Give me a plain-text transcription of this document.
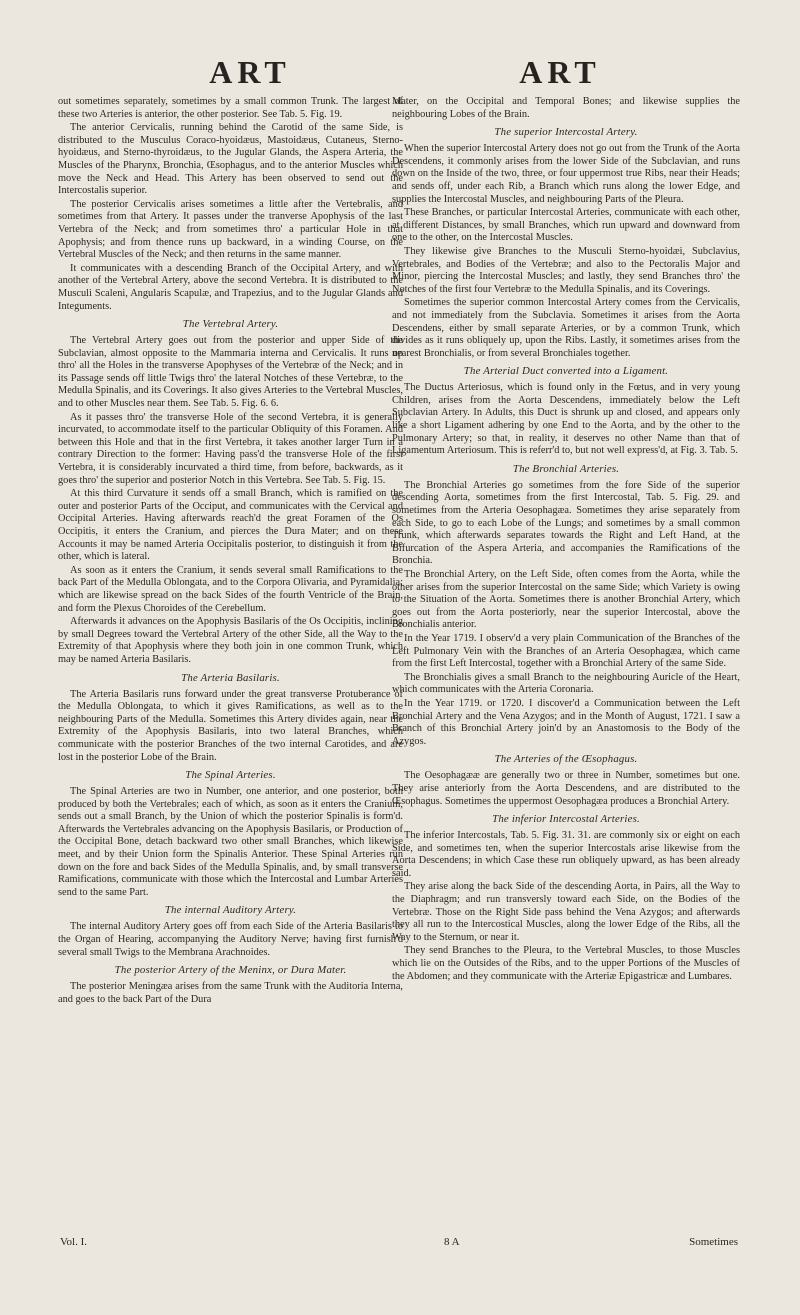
ART	ART

out sometimes separately, sometimes by a small common Trunk. The largest of these two Arteries is anterior, the other posterior. See Tab. 5. Fig. 19.

The anterior Cervicalis, running behind the Carotid of the same Side, is distributed to the Musculus Coraco-hyoidæus, Mastoidæus, Cutaneus, Sterno-hyoidæus, and Sterno-thyroidæus, to the Jugular Glands, the Aspera Arteria, the Muscles of the Pharynx, Bronchia, Œsophagus, and to the anterior Muscles which move the Neck and Head. This Artery has been observed to send out the Intercostalis superior.

The posterior Cervicalis arises sometimes a little after the Vertebralis, and sometimes from that Artery. It passes under the tranverse Apophysis of the last Vertebra of the Neck; and from sometimes thro' a particular Hole in that Apophysis; and from thence runs up backward, in a winding Course, on the Vertebral Muscles of the Neck; and then returns in the same manner.

It communicates with a descending Branch of the Occipital Artery, and with another of the Vertebral Artery, above the second Vertebra. It is distributed to the Musculi Scaleni, Angularis Scapulæ, and Trapezius, and to the Jugular Glands and Integuments.

The Vertebral Artery.

The Vertebral Artery goes out from the posterior and upper Side of the Subclavian, almost opposite to the Mammaria interna and Cervicalis. It runs up thro' all the Holes in the transverse Apophyses of the Vertebræ of the Neck; and in its Passage sends off little Twigs thro' the lateral Notches of these Vertebræ, to the Medulla Spinalis, and its Coverings. It also gives Arteries to the Vertebral Muscles, and to other Muscles near them. See Tab. 5. Fig. 6. 6.

As it passes thro' the transverse Hole of the second Vertebra, it is generally incurvated, to accommodate itself to the particular Obliquity of this Foramen. And between this Hole and that in the first Vertebra, it takes another larger Turn in a contrary Direction to the former: Having pass'd the transverse Hole of the first Vertebra, it is considerably incurvated a third time, from before, backwards, as it goes thro' the superior and posterior Notch in this Vertebra. See Tab. 5. Fig. 15.

At this third Curvature it sends off a small Branch, which is ramified on the outer and posterior Parts of the Occiput, and communicates with the Cervical and Occipital Arteries. Having afterwards reach'd the great Foramen of the Os Occipitis, it enters the Cranium, and pierces the Dura Mater; and on these Accounts it may be named Arteria Occipitalis posterior, to distinguish it from the other, which is lateral.

As soon as it enters the Cranium, it sends several small Ramifications to the back Part of the Medulla Oblongata, and to the Corpora Olivaria, and Pyramidalia; which are likewise spread on the back Sides of the fourth Ventricle of the Brain, and form the Plexus Choroides of the Cerebellum.

Afterwards it advances on the Apophysis Basilaris of the Os Occipitis, inclining by small Degrees toward the Vertebral Artery of the other Side, all the Way to the Extremity of that Apophysis where they both join in one common Trunk, which may be named Arteria Basilaris.

The Arteria Basilaris.

The Arteria Basilaris runs forward under the great transverse Protuberance of the Medulla Oblongata, to which it gives Ramifications, as well as to the neighbouring Parts of the Medulla. Sometimes this Artery divides again, near the Extremity of the Apophysis Basilaris, into two lateral Branches, which communicate with the posterior Branches of the two internal Carotides, and are lost in the posterior Lobe of the Brain.

The Spinal Arteries.

The Spinal Arteries are two in Number, one anterior, and one posterior, both produced by both the Vertebrales; each of which, as soon as it enters the Cranium, sends out a small Branch, by the Union of which the posterior Spinalis is form'd. Afterwards the Vertebrales advancing on the Apophysis Basilaris, or Production of the Occipital Bone, detach backward two other small Branches, which likewise meet, and by their Union form the Spinalis Anterior. These Spinal Arteries run down on the fore and back Sides of the Medulla Spinalis, and, by small transverse Ramifications, communicate with those which the Intercostal and Lumbar Arteries send to the same Part.

The internal Auditory Artery.

The internal Auditory Artery goes off from each Side of the Arteria Basilaris to the Organ of Hearing, accompanying the Auditory Nerve; having first furnish'd several small Twigs to the Membrana Arachnoides.

The posterior Artery of the Meninx, or Dura Mater.

The posterior Meningæa arises from the same Trunk with the Auditoria Interna, and goes to the back Part of the Dura

Mater, on the Occipital and Temporal Bones; and likewise supplies the neighbouring Lobes of the Brain.

The superior Intercostal Artery.

When the superior Intercostal Artery does not go out from the Trunk of the Aorta Descendens, it commonly arises from the lower Side of the Subclavian, and runs down on the Inside of the two, three, or four uppermost true Ribs, near their Heads; and sends off, under each Rib, a Branch which runs along the lower Edge, and supplies the Intercostal Muscles, and neighbouring Parts of the Pleura.

These Branches, or particular Intercostal Arteries, communicate with each other, at different Distances, by small Branches, which run upward and downward from one to the other, on the Intercostal Muscles.

They likewise give Branches to the Musculi Sterno-hyoidæi, Subclavius, Vertebrales, and Bodies of the Vertebræ; and also to the Pectoralis Major and Minor, piercing the Intercostal Muscles; and lastly, they send Branches thro' the Notches of the first four Vertebræ to the Medulla Spinalis, and its Coverings.

Sometimes the superior common Intercostal Artery comes from the Cervicalis, and not immediately from the Subclavia. Sometimes it arises from the Aorta Descendens, either by small separate Arteries, or by a common Trunk, which divides as it runs obliquely up, upon the Ribs. Lastly, it sometimes arises from the nearest Bronchialis, or from several Bronchiales together.

The Arterial Duct converted into a Ligament.

The Ductus Arteriosus, which is found only in the Fœtus, and in very young Children, arises from the Aorta Descendens, immediately below the Left Subclavian Artery. In Adults, this Duct is shrunk up and closed, and appears only like a short Ligament adhering by one End to the Aorta, and by the other to the Pulmonary Artery; so that, in reality, it deserves no other Name than that of Ligamentum Arteriosum. This is referr'd to, but not well express'd, at Fig. 3. Tab. 5.

The Bronchial Arteries.

The Bronchial Arteries go sometimes from the fore Side of the superior descending Aorta, sometimes from the first Intercostal, Tab. 5. Fig. 29. and sometimes from the Arteria Oesophagæa. Sometimes they arise separately from each Side, to go to each Lobe of the Lungs; and sometimes by a small common Trunk, which afterwards separates towards the Right and Left Hand, at the Bifurcation of the Aspera Arteria, and accompanies the Ramifications of the Bronchia.

The Bronchial Artery, on the Left Side, often comes from the Aorta, while the other arises from the superior Intercostal on the same Side; which Variety is owing to the Situation of the Aorta. Sometimes there is another Bronchial Artery, which goes out from the Aorta posteriorly, near the superior Intercostal, above the Bronchialis anterior.

In the Year 1719. I observ'd a very plain Communication of the Branches of the Left Pulmonary Vein with the Branches of an Arteria Oesophagæa, which came from the first Left Intercostal, together with a Bronchial Artery of the same Side.

The Bronchialis gives a small Branch to the neighbouring Auricle of the Heart, which communicates with the Arteria Coronaria.

In the Year 1719. or 1720. I discover'd a Communication between the Left Bronchial Artery and the Vena Azygos; and in the Month of August, 1721. I saw a Branch of this Bronchial Artery join'd by an Anastomosis to the Body of the Azygos.

The Arteries of the Œsophagus.

The Oesophagææ are generally two or three in Number, sometimes but one. They arise anteriorly from the Aorta Descendens, and are distributed to the Œsophagus. Sometimes the uppermost Oesophagæa produces a Bronchial Artery.

The inferior Intercostal Arteries.

The inferior Intercostals, Tab. 5. Fig. 31. 31. are commonly six or eight on each Side, and sometimes ten, when the superior Intercostals arise likewise from the Aorta Descendens; in which Case these run obliquely upward, as has been already said.

They arise along the back Side of the descending Aorta, in Pairs, all the Way to the Diaphragm; and run transversly toward each Side, on the Bodies of the Vertebræ. Those on the Right Side pass behind the Vena Azygos; and afterwards they all run to the Intercostical Muscles, along the lower Edge of the Ribs, all the Way to the Sternum, or near it.

They send Branches to the Pleura, to the Vertebral Muscles, to those Muscles which lie on the Outsides of the Ribs, and to the upper Portions of the Muscles of the Abdomen; and they communicate with the Arteriæ Epigastricæ and Lumbares.

Vol. I.	8 A	Sometimes
